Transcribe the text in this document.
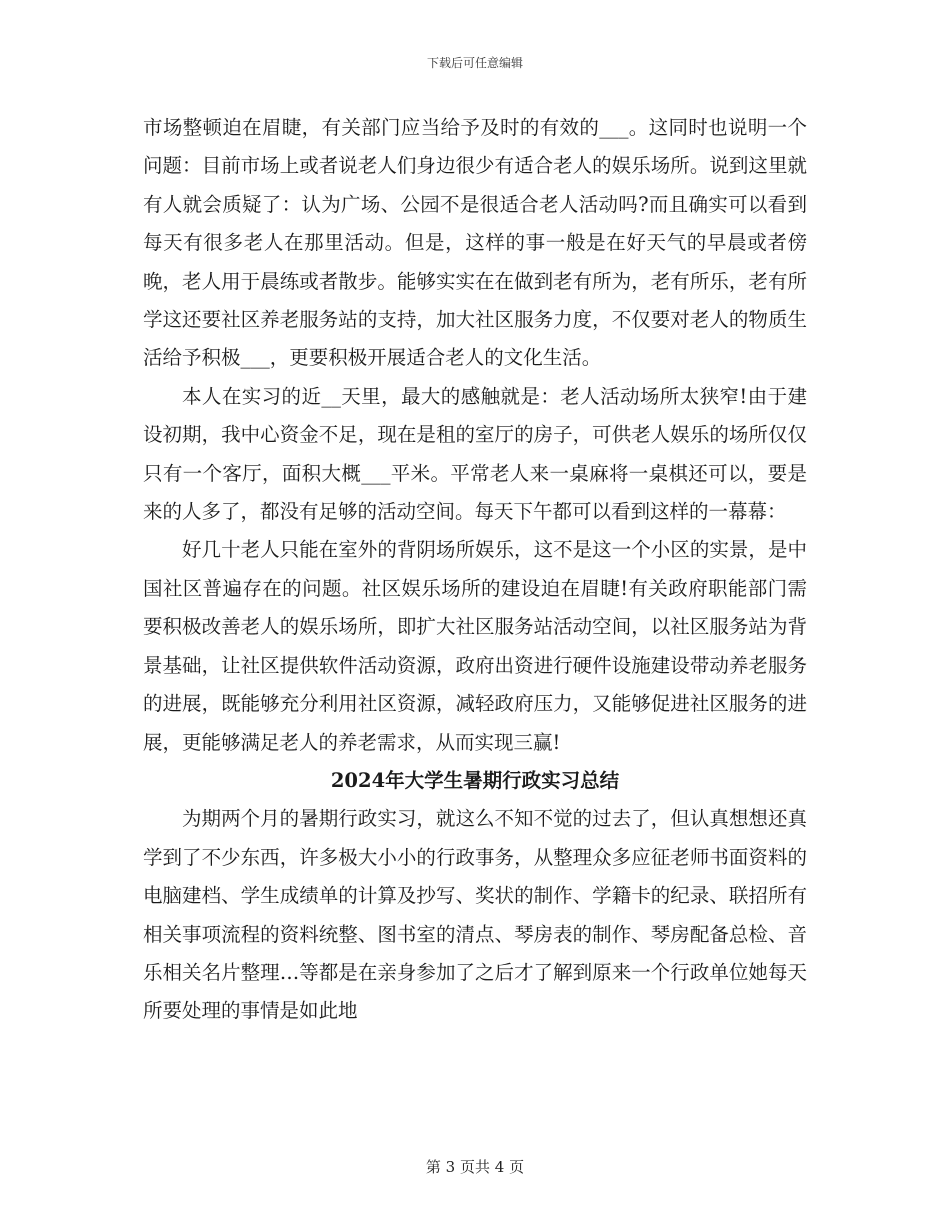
下载后可任意编辑

市场整顿迫在眉睫，有关部门应当给予及时的有效的___。这同时也说明一个问题：目前市场上或者说老人们身边很少有适合老人的娱乐场所。说到这里就有人就会质疑了：认为广场、公园不是很适合老人活动吗?而且确实可以看到每天有很多老人在那里活动。但是，这样的事一般是在好天气的早晨或者傍晚，老人用于晨练或者散步。能够实实在在做到老有所为，老有所乐，老有所学这还要社区养老服务站的支持，加大社区服务力度，不仅要对老人的物质生活给予积极___，更要积极开展适合老人的文化生活。

本人在实习的近__天里，最大的感触就是：老人活动场所太狭窄!由于建设初期，我中心资金不足，现在是租的室厅的房子，可供老人娱乐的场所仅仅只有一个客厅，面积大概___平米。平常老人来一桌麻将一桌棋还可以，要是来的人多了，都没有足够的活动空间。每天下午都可以看到这样的一幕幕：

好几十老人只能在室外的背阴场所娱乐，这不是这一个小区的实景，是中国社区普遍存在的问题。社区娱乐场所的建设迫在眉睫!有关政府职能部门需要积极改善老人的娱乐场所，即扩大社区服务站活动空间，以社区服务站为背景基础，让社区提供软件活动资源，政府出资进行硬件设施建设带动养老服务的进展，既能够充分利用社区资源，减轻政府压力，又能够促进社区服务的进展，更能够满足老人的养老需求，从而实现三赢!

2024年大学生暑期行政实习总结

为期两个月的暑期行政实习，就这么不知不觉的过去了，但认真想想还真学到了不少东西，许多极大小小的行政事务，从整理众多应征老师书面资料的电脑建档、学生成绩单的计算及抄写、奖状的制作、学籍卡的纪录、联招所有相关事项流程的资料统整、图书室的清点、琴房表的制作、琴房配备总检、音乐相关名片整理…等都是在亲身参加了之后才了解到原来一个行政单位她每天所要处理的事情是如此地

第 3 页共 4 页
